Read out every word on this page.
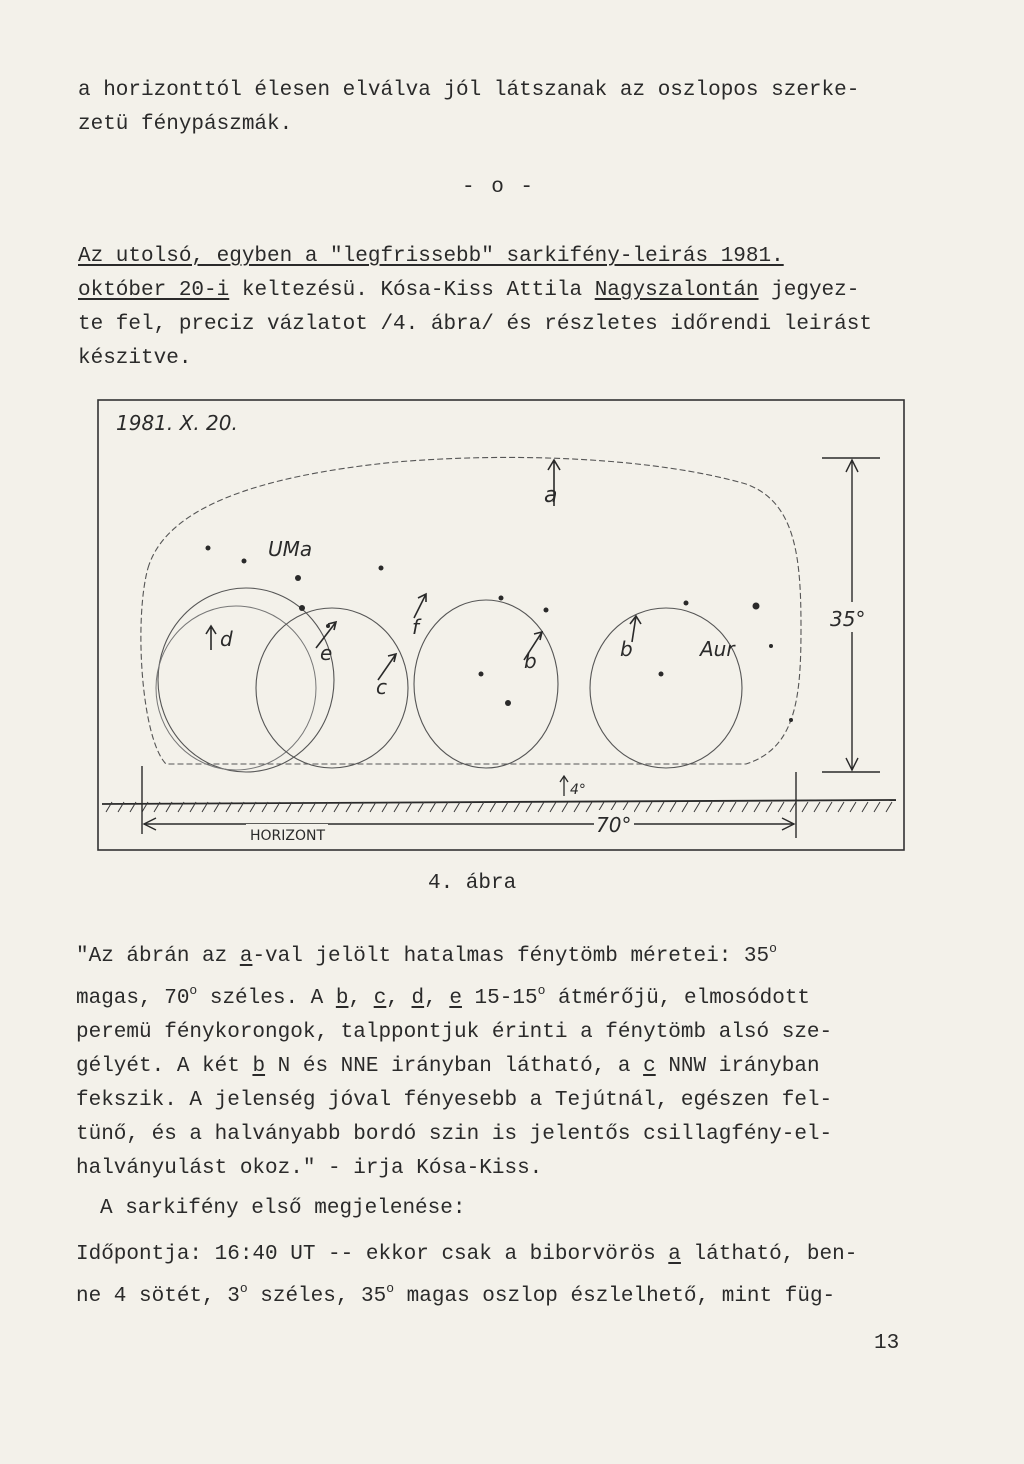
a horizonttól élesen elválva jól látszanak az oszlopos szerke-
zetü fénypászmák.

- o -

Az utolsó, egyben a "legfrissebb" sarkifény-leirás 1981.
október 20-i keltezésü. Kósa-Kiss Attila Nagyszalontán jegyez-
te fel, preciz vázlatot /4. ábra/ és részletes időrendi leirást
készitve.

1981. X. 20.
a
UMa
d
e
f
c
b	b	Aur
35°
4°
70°
HORIZONT
4. ábra

"Az ábrán az a-val jelölt hatalmas fénytömb méretei: 35$^o$
magas, 70$^o$ széles. A b, c, d, e 15-15$^o$ átmérőjü, elmosódott
peremü fénykorongok, talppontjuk érinti a fénytömb alsó sze-
gélyét. A két b N és NNE irányban látható, a c NNW irányban
fekszik. A jelenség jóval fényesebb a Tejútnál, egészen fel-
tünő, és a halványabb bordó szin is jelentős csillagfény-el-
halványulást okoz." - irja Kósa-Kiss.

A sarkifény első megjelenése:

Időpontja: 16:40 UT -- ekkor csak a biborvörös a látható, ben-
ne 4 sötét, 3$^o$ széles, 35$^o$ magas oszlop észlelhető, mint füg-

13
